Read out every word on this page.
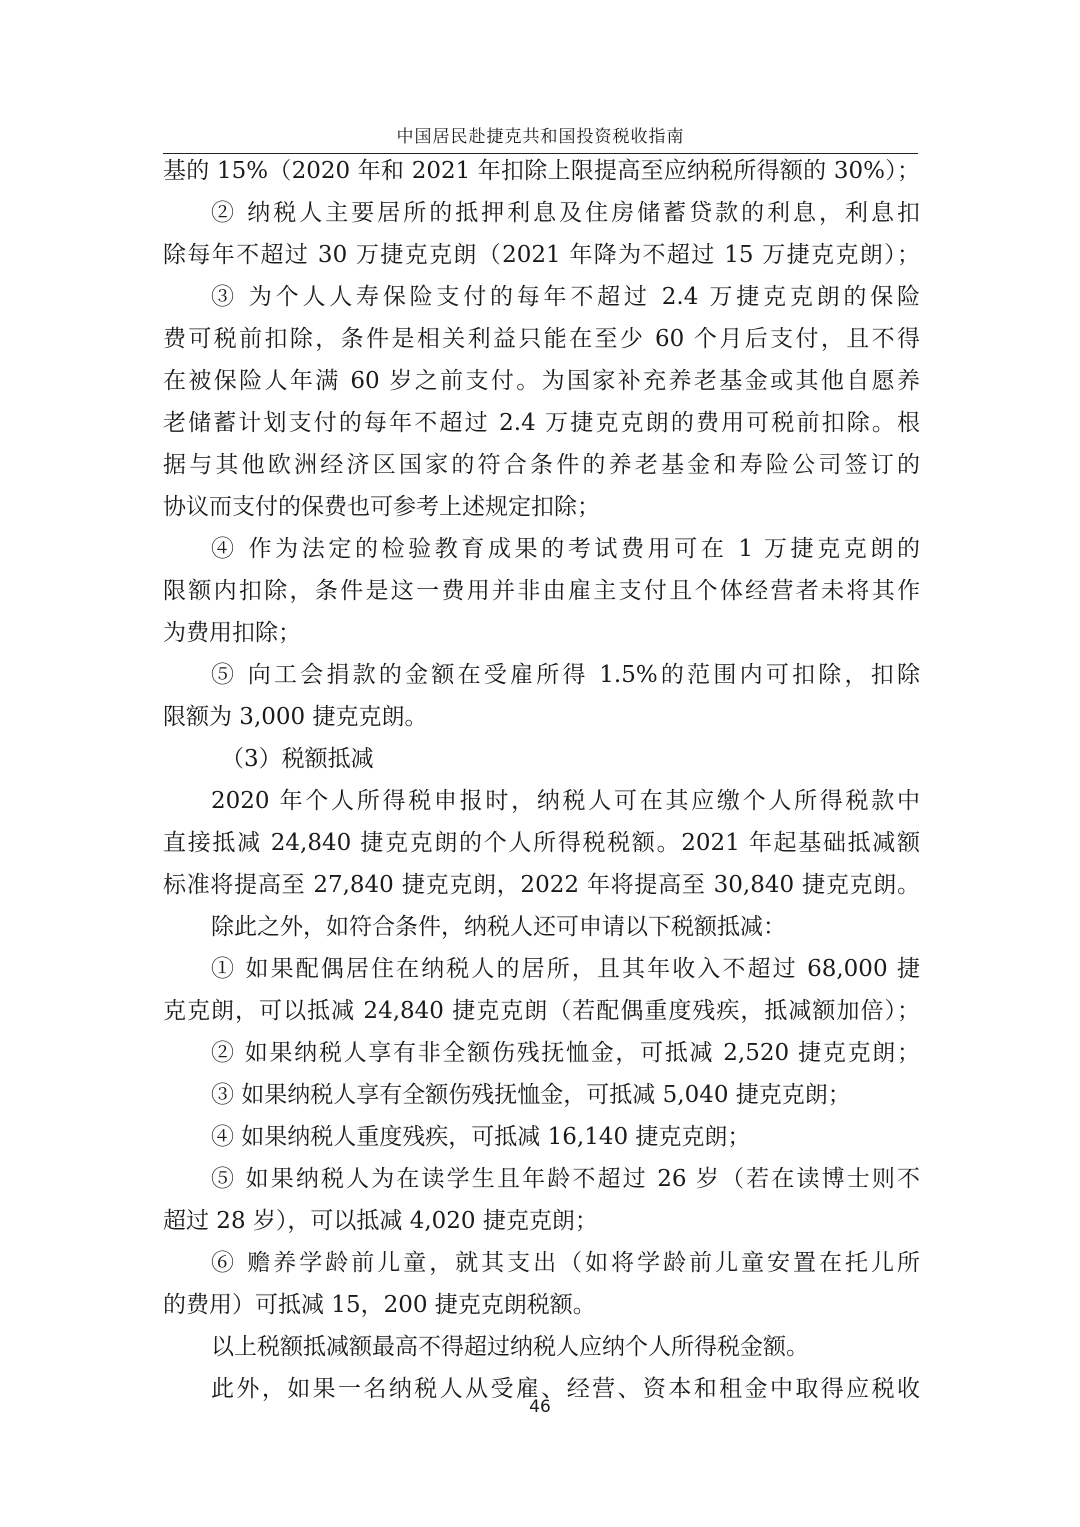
中国居民赴捷克共和国投资税收指南
基的 15%（2020 年和 2021 年扣除上限提高至应纳税所得额的 30%）；
② 纳税人主要居所的抵押利息及住房储蓄贷款的利息，利息扣
除每年不超过 30 万捷克克朗（2021 年降为不超过 15 万捷克克朗）；
③ 为个人人寿保险支付的每年不超过 2.4 万捷克克朗的保险
费可税前扣除，条件是相关利益只能在至少 60 个月后支付，且不得
在被保险人年满 60 岁之前支付。为国家补充养老基金或其他自愿养
老储蓄计划支付的每年不超过 2.4 万捷克克朗的费用可税前扣除。根
据与其他欧洲经济区国家的符合条件的养老基金和寿险公司签订的
协议而支付的保费也可参考上述规定扣除；
④ 作为法定的检验教育成果的考试费用可在 1 万捷克克朗的
限额内扣除，条件是这一费用并非由雇主支付且个体经营者未将其作
为费用扣除；
⑤ 向工会捐款的金额在受雇所得 1.5%的范围内可扣除，扣除
限额为 3,000 捷克克朗。
（3）税额抵减
2020 年个人所得税申报时，纳税人可在其应缴个人所得税款中
直接抵减 24,840 捷克克朗的个人所得税税额。2021 年起基础抵减额
标准将提高至 27,840 捷克克朗，2022 年将提高至 30,840 捷克克朗。
除此之外，如符合条件，纳税人还可申请以下税额抵减：
① 如果配偶居住在纳税人的居所，且其年收入不超过 68,000 捷
克克朗，可以抵减 24,840 捷克克朗（若配偶重度残疾，抵减额加倍）；
② 如果纳税人享有非全额伤残抚恤金，可抵减 2,520 捷克克朗；
③ 如果纳税人享有全额伤残抚恤金，可抵减 5,040 捷克克朗；
④ 如果纳税人重度残疾，可抵减 16,140 捷克克朗；
⑤ 如果纳税人为在读学生且年龄不超过 26 岁（若在读博士则不
超过 28 岁），可以抵减 4,020 捷克克朗；
⑥ 赡养学龄前儿童，就其支出（如将学龄前儿童安置在托儿所
的费用）可抵减 15，200 捷克克朗税额。
以上税额抵减额最高不得超过纳税人应纳个人所得税金额。
此外，如果一名纳税人从受雇、经营、资本和租金中取得应税收
46
